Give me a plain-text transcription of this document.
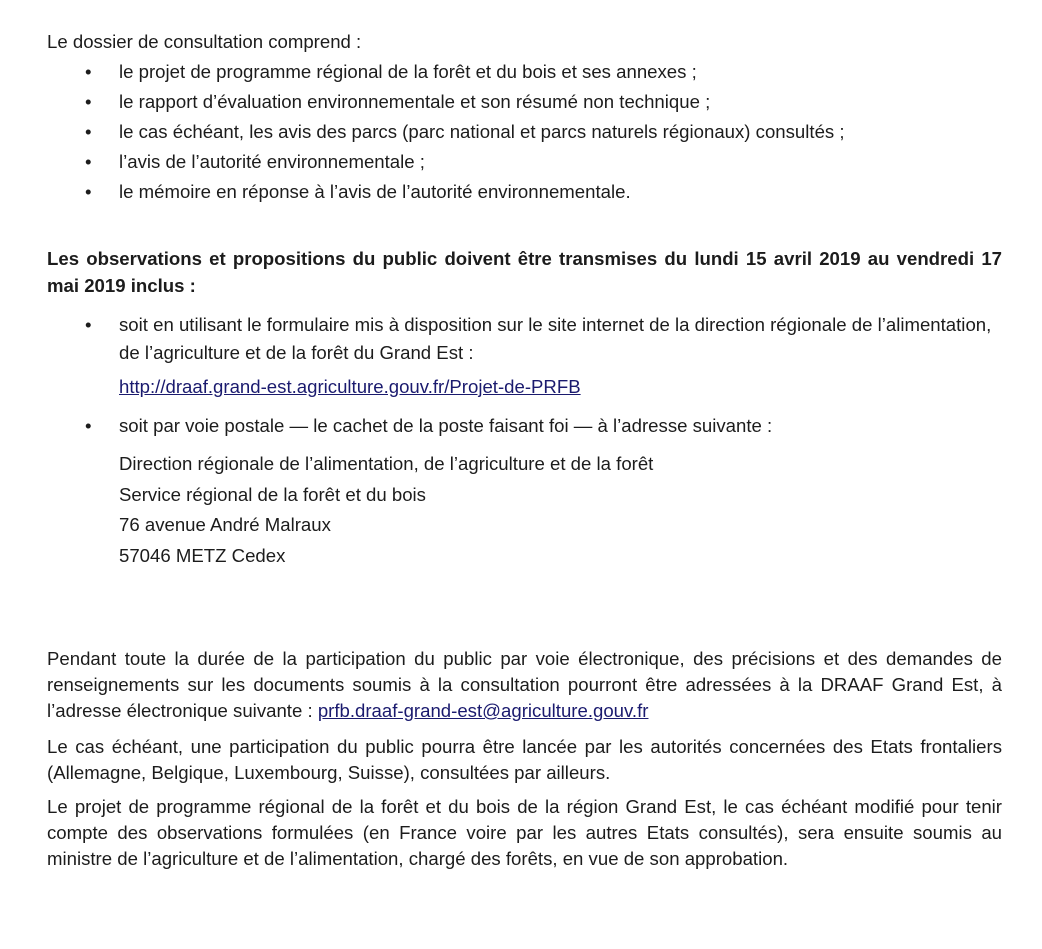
Le dossier de consultation comprend :

• le projet de programme régional de la forêt et du bois et ses annexes ;
• le rapport d’évaluation environnementale et son résumé non technique ;
• le cas échéant, les avis des parcs (parc national et parcs naturels régionaux) consultés ;
• l’avis de l’autorité environnementale ;
• le mémoire en réponse à l’avis de l’autorité environnementale.

Les observations et propositions du public doivent être transmises du lundi 15 avril 2019 au vendredi 17 mai 2019 inclus :

• soit en utilisant le formulaire mis à disposition sur le site internet de la direction régionale de l’alimentation, de l’agriculture et de la forêt du Grand Est :
http://draaf.grand-est.agriculture.gouv.fr/Projet-de-PRFB
• soit par voie postale — le cachet de la poste faisant foi — à l’adresse suivante :
Direction régionale de l’alimentation, de l’agriculture et de la forêt
Service régional de la forêt et du bois
76 avenue André Malraux
57046 METZ Cedex

Pendant toute la durée de la participation du public par voie électronique, des précisions et des demandes de renseignements sur les documents soumis à la consultation pourront être adressées à la DRAAF Grand Est, à l’adresse électronique suivante : prfb.draaf-grand-est@agriculture.gouv.fr

Le cas échéant, une participation du public pourra être lancée par les autorités concernées des Etats frontaliers (Allemagne, Belgique, Luxembourg, Suisse), consultées par ailleurs.

Le projet de programme régional de la forêt et du bois de la région Grand Est, le cas échéant modifié pour tenir compte des observations formulées (en France voire par les autres Etats consultés), sera ensuite soumis au ministre de l’agriculture et de l’alimentation, chargé des forêts, en vue de son approbation.
